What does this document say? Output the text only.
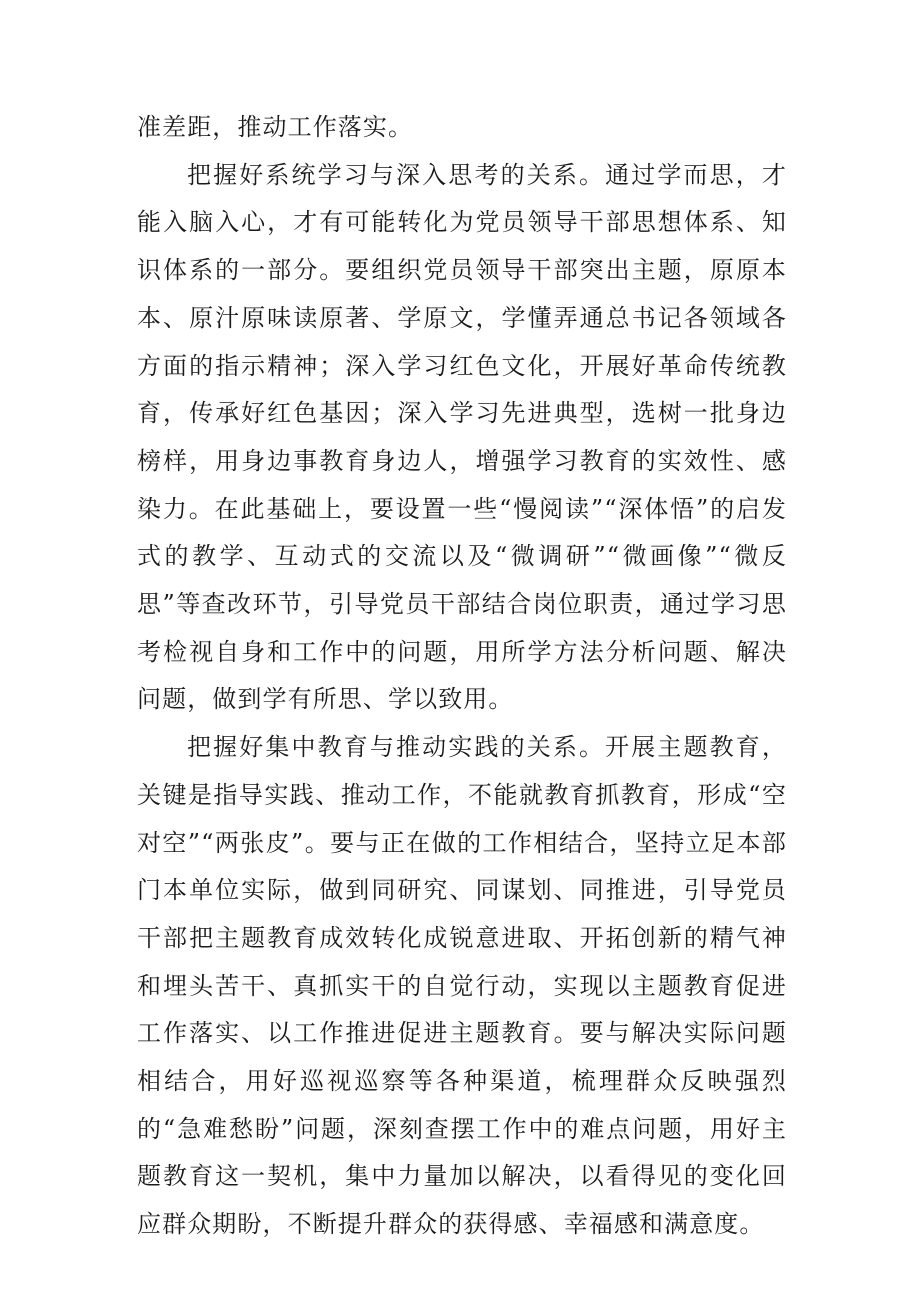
准差距，推动工作落实。

把握好系统学习与深入思考的关系。通过学而思，才能入脑入心，才有可能转化为党员领导干部思想体系、知识体系的一部分。要组织党员领导干部突出主题，原原本本、原汁原味读原著、学原文，学懂弄通总书记各领域各方面的指示精神；深入学习红色文化，开展好革命传统教育，传承好红色基因；深入学习先进典型，选树一批身边榜样，用身边事教育身边人，增强学习教育的实效性、感染力。在此基础上，要设置一些“慢阅读”“深体悟”的启发式的教学、互动式的交流以及“微调研”“微画像”“微反思”等查改环节，引导党员干部结合岗位职责，通过学习思考检视自身和工作中的问题，用所学方法分析问题、解决问题，做到学有所思、学以致用。

把握好集中教育与推动实践的关系。开展主题教育，关键是指导实践、推动工作，不能就教育抓教育，形成“空对空”“两张皮”。要与正在做的工作相结合，坚持立足本部门本单位实际，做到同研究、同谋划、同推进，引导党员干部把主题教育成效转化成锐意进取、开拓创新的精气神和埋头苦干、真抓实干的自觉行动，实现以主题教育促进工作落实、以工作推进促进主题教育。要与解决实际问题相结合，用好巡视巡察等各种渠道，梳理群众反映强烈的“急难愁盼”问题，深刻查摆工作中的难点问题，用好主题教育这一契机，集中力量加以解决，以看得见的变化回应群众期盼，不断提升群众的获得感、幸福感和满意度。
